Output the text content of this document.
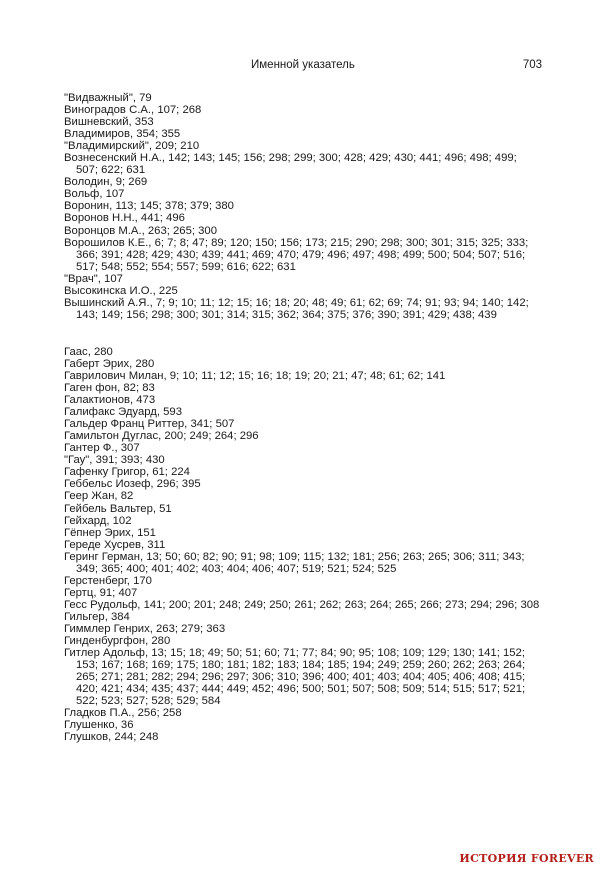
Именной указатель	703
"Видважный", 79
Виноградов С.А., 107; 268
Вишневский, 353
Владимиров, 354; 355
"Владимирский", 209; 210
Вознесенский Н.А., 142; 143; 145; 156; 298; 299; 300; 428; 429; 430; 441; 496; 498; 499; 507; 622; 631
Володин, 9; 269
Вольф, 107
Воронин, 113; 145; 378; 379; 380
Воронов Н.Н., 441; 496
Воронцов М.А., 263; 265; 300
Ворошилов К.Е., 6; 7; 8; 47; 89; 120; 150; 156; 173; 215; 290; 298; 300; 301; 315; 325; 333; 366; 391; 428; 429; 430; 439; 441; 469; 470; 479; 496; 497; 498; 499; 500; 504; 507; 516; 517; 548; 552; 554; 557; 599; 616; 622; 631
"Врач", 107
Высокинска И.О., 225
Вышинский А.Я., 7; 9; 10; 11; 12; 15; 16; 18; 20; 48; 49; 61; 62; 69; 74; 91; 93; 94; 140; 142; 143; 149; 156; 298; 300; 301; 314; 315; 362; 364; 375; 376; 390; 391; 429; 438; 439
Гаас, 280
Габерт Эрих, 280
Гаврилович Милан, 9; 10; 11; 12; 15; 16; 18; 19; 20; 21; 47; 48; 61; 62; 141
Гаген фон, 82; 83
Галактионов, 473
Галифакс Эдуард, 593
Гальдер Франц Риттер, 341; 507
Гамильтон Дуглас, 200; 249; 264; 296
Гантер Ф., 307
"Гау", 391; 393; 430
Гафенку Григор, 61; 224
Геббельс Иозеф, 296; 395
Геер Жан, 82
Гейбель Вальтер, 51
Гейхард, 102
Гёпнер Эрих, 151
Гереде Хусрев, 311
Геринг Герман, 13; 50; 60; 82; 90; 91; 98; 109; 115; 132; 181; 256; 263; 265; 306; 311; 343; 349; 365; 400; 401; 402; 403; 404; 406; 407; 519; 521; 524; 525
Герстенберг, 170
Гертц, 91; 407
Гесс Рудольф, 141; 200; 201; 248; 249; 250; 261; 262; 263; 264; 265; 266; 273; 294; 296; 308
Гильгер, 384
Гиммлер Генрих, 263; 279; 363
Гинденбургфон, 280
Гитлер Адольф, 13; 15; 18; 49; 50; 51; 60; 71; 77; 84; 90; 95; 108; 109; 129; 130; 141; 152; 153; 167; 168; 169; 175; 180; 181; 182; 183; 184; 185; 194; 249; 259; 260; 262; 263; 264; 265; 271; 281; 282; 294; 296; 297; 306; 310; 396; 400; 401; 403; 404; 405; 406; 408; 415; 420; 421; 434; 435; 437; 444; 449; 452; 496; 500; 501; 507; 508; 509; 514; 515; 517; 521; 522; 523; 527; 528; 529; 584
Гладков П.А., 256; 258
Глушенко, 36
Глушков, 244; 248
ИСТОРИЯ FOREVER
